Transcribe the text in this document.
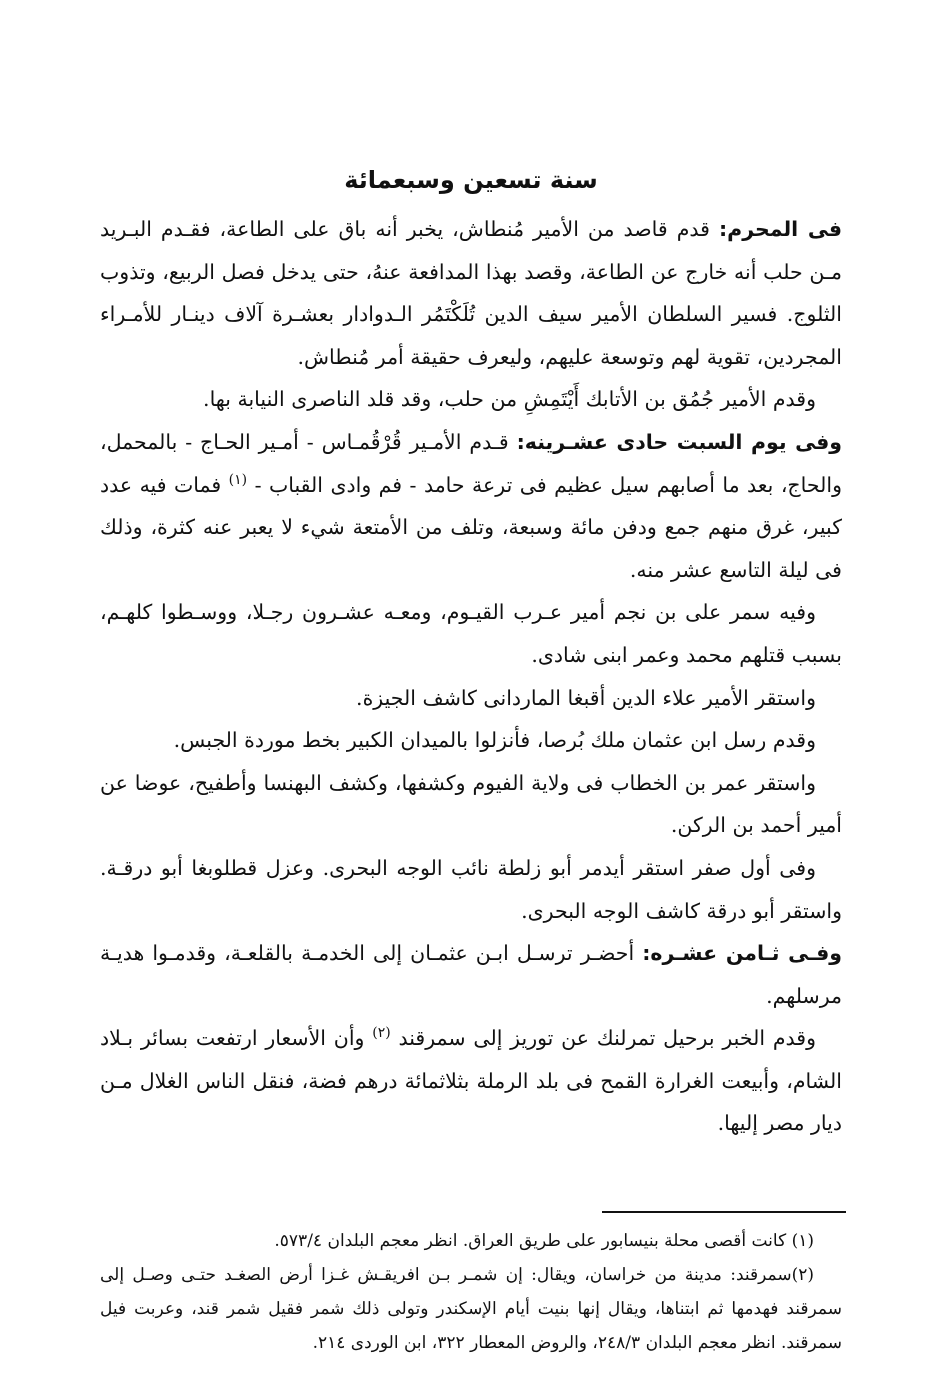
سنة تسعين وسبعمائة

فى المحرم: قدم قاصد من الأمير مُنطاش، يخبر أنه باق على الطاعة، فقـدم البـريد مـن حلب أنه خارج عن الطاعة، وقصد بهذا المدافعة عنهُ، حتى يدخل فصل الربيع، وتذوب الثلوج. فسير السلطان الأمير سيف الدين تُلَكْتَمُر الـدوادار بعشـرة آلاف دينـار للأمـراء المجردين، تقوية لهم وتوسعة عليهم، وليعرف حقيقة أمر مُنطاش.

وقدم الأمير جُمُق بن الأتابك أَيْتَمِشِ من حلب، وقد قلد الناصرى النيابة بها.

وفى يوم السبت حادى عشـرينه: قـدم الأمـير قُرْقُمـاس - أمـير الحـاج - بالمحمل، والحاج، بعد ما أصابهم سيل عظيم فى ترعة حامد - فم وادى القباب - $^{(١)}$ فمات فيه عدد كبير، غرق منهم جمع ودفن مائة وسبعة، وتلف من الأمتعة شيء لا يعبر عنه كثرة، وذلك فى ليلة التاسع عشر منه.

وفيه سمر على بن نجم أمير عـرب القيـوم، ومعـه عشـرون رجـلا، ووسـطوا كلهـم، بسبب قتلهم محمد وعمر ابنى شادى.

واستقر الأمير علاء الدين أقبغا الماردانى كاشف الجيزة.

وقدم رسل ابن عثمان ملك بُرصا، فأنزلوا بالميدان الكبير بخط موردة الجبس.

واستقر عمر بن الخطاب فى ولاية الفيوم وكشفها، وكشف البهنسا وأطفيح، عوضا عن أمير أحمد بن الركن.

وفى أول صفر استقر أيدمر أبو زلطة نائب الوجه البحرى. وعزل قطلوبغا أبو درقـة. واستقر أبو درقة كاشف الوجه البحرى.

وفـى ثـامن عشـره: أحضـر ترسـل ابـن عثمـان إلى الخدمـة بالقلعـة، وقدمـوا هديـة مرسلهم.

وقدم الخبر برحيل تمرلنك عن توريز إلى سمرقند $^{(٢)}$ وأن الأسعار ارتفعت بسائر بـلاد الشام، وأبيعت الغرارة القمح فى بلد الرملة بثلاثمائة درهم فضة، فنقل الناس الغلال مـن ديار مصر إليها.

(١) كانت أقصى محلة بنيسابور على طريق العراق. انظر معجم البلدان ٥٧٣/٤.

(٢)سمرقند: مدينة من خراسان، ويقال: إن شمـر بـن افريقـش غـزا أرض الصغـد حتـى وصـل إلى سمرقند فهدمها ثم ابتناها، ويقال إنها بنيت أيام الإسكندر وتولى ذلك شمر فقيل شمر قند، وعربت فيل سمرقند. انظر معجم البلدان ٢٤٨/٣، والروض المعطار ٣٢٢، ابن الوردى ٢١٤.
